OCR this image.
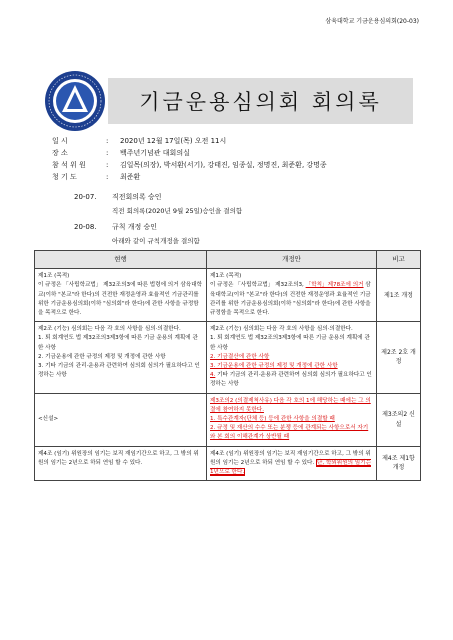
삼육대학교 기금운용심의회(20-03)
기금운용심의회 회의록
일 시	:	2020년 12월 17일(목) 오전 11시
장 소	:	백주년기념관 대회의실
참 석 위 원	:	김일목(의장), 박서환(서기), 강태진, 임종실, 정명진, 최준환, 강명종
청 기 도	:	최준환
20-07. 직전회의록 승인
직전 회의록(2020년 9월 25일)승인을 결의함
20-08. 규칙 개정 승인
아래와 같이 규칙개정을 결의함
현행	개정안	비고

제1조 (목적)
이 규정은 「사립학교법」 제32조의3에 따른 법령에 의거 삼육대학교(이하 "본교"라 한다)의 건전한 재정운영과 효율적인 기금관리를 위한 기금운용심의회(이하 "심의회"라 한다)에 관한 사항을 규정함을 목적으로 한다.	제1조 (목적)
이 규정은 「사립학교법」 제32조의3, 「학칙」제78조에 의거 삼육대학교(이하 "본교"라 한다)의 건전한 재정운영과 효율적인 기금관리를 위한 기금운용심의회(이하 "심의회"라 한다)에 관한 사항을 규정함을 목적으로 한다.	제1조 개정

제2조 (기능) 심의회는 다음 각 호의 사항을 심의·의결한다.
1. 퇴 회계연도 법 제32조의3제3항에 따른 기금 운용의 계획에 관한 사항
2. 기금운용에 관한 규정의 제정 및 개정에 관한 사항
3. 기타 기금의 관리·운용과 관련하여 심의회 심의가 필요하다고 인정하는 사항	제2조 (기능) 심의회는 다음 각 호의 사항을 심의·의결한다.
1. 퇴 회계연도 법 제32조의3제3항에 따른 기금 운용의 계획에 관한 사항
2. 기금결산에 관한 사항
3. 기금운용에 관한 규정의 제정 및 개정에 관한 사항
4. 기타 기금의 관리·운용과 관련하여 심의회 심의가 필요하다고 인정하는 사항	제2조 2호 개정
<신설>	제3조의2 (의결제척사유) 다음 각 호의 1에 해당하는 때에는 그 의결에 참여하지 못한다.
1. 특수관계자(단체 등) 등에 관한 사항을 의결할 때
2. 규정 및 재산의 수수 또는 분쟁 등에 관계되는 사항으로서 자기와 본 회의 이해관계가 상반될 때	제3조의2 신설

제4조 (임기) 위원장의 임기는 보직 재임기간으로 하고, 그 밖의 위원의 임기는 2년으로 하되 연임 할 수 있다.	제4조 (임기) 위원장의 임기는 보직 재임기간으로 하고, 그 밖의 위원의 임기는 2년으로 하되 연임 할 수 있다. 단, 학외위원의 임기는 1년으로 한다.	제4조 제1항 개정
